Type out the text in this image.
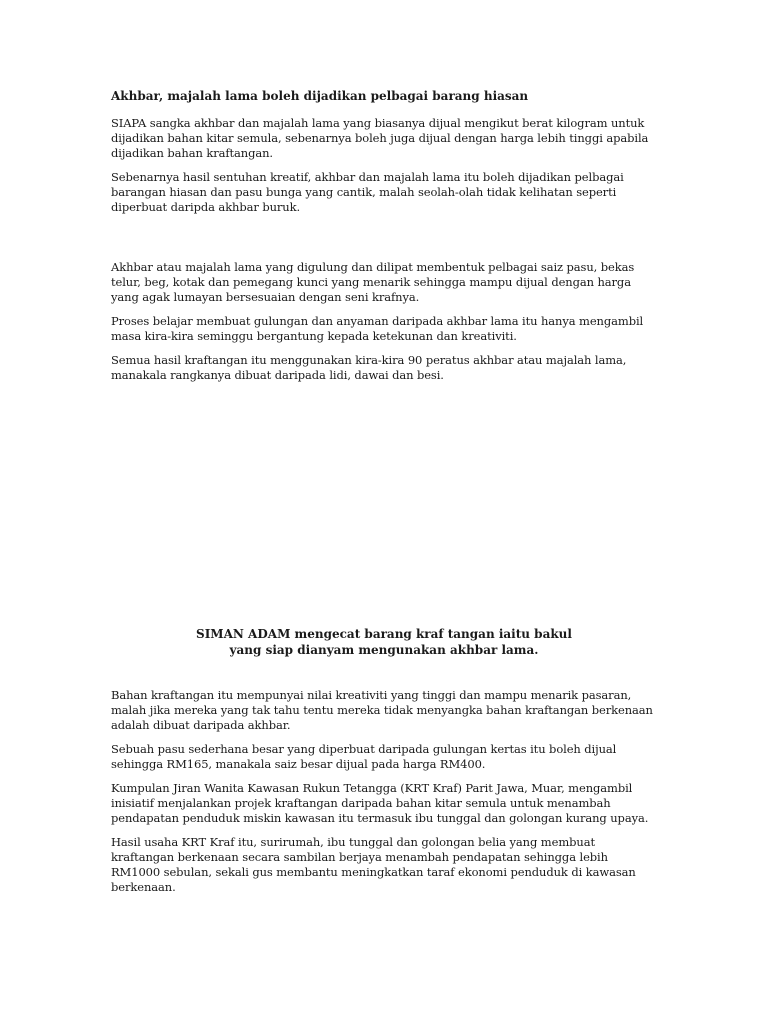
Akhbar, majalah lama boleh dijadikan pelbagai barang hiasan

SIAPA sangka akhbar dan majalah lama yang biasanya dijual mengikut berat kilogram untuk dijadikan bahan kitar semula, sebenarnya boleh juga dijual dengan harga lebih tinggi apabila dijadikan bahan kraftangan.

Sebenarnya hasil sentuhan kreatif, akhbar dan majalah lama itu boleh dijadikan pelbagai barangan hiasan dan pasu bunga yang cantik, malah seolah-olah tidak kelihatan seperti diperbuat daripda akhbar buruk.

Akhbar atau majalah lama yang digulung dan dilipat membentuk pelbagai saiz pasu, bekas telur, beg, kotak dan pemegang kunci yang menarik sehingga mampu dijual dengan harga yang agak lumayan bersesuaian dengan seni krafnya.

Proses belajar membuat gulungan dan anyaman daripada akhbar lama itu hanya mengambil masa kira-kira seminggu bergantung kepada ketekunan dan kreativiti.

Semua hasil kraftangan itu menggunakan kira-kira 90 peratus akhbar atau majalah lama, manakala rangkanya dibuat daripada lidi, dawai dan besi.

SIMAN ADAM mengecat barang kraf tangan iaitu bakul
yang siap dianyam mengunakan akhbar lama.

Bahan kraftangan itu mempunyai nilai kreativiti yang tinggi dan mampu menarik pasaran, malah jika mereka yang tak tahu tentu mereka tidak menyangka bahan kraftangan berkenaan adalah dibuat daripada akhbar.

Sebuah pasu sederhana besar yang diperbuat daripada gulungan kertas itu boleh dijual sehingga RM165, manakala saiz besar dijual pada harga RM400.

Kumpulan Jiran Wanita Kawasan Rukun Tetangga (KRT Kraf) Parit Jawa, Muar, mengambil inisiatif menjalankan projek kraftangan daripada bahan kitar semula untuk menambah pendapatan penduduk miskin kawasan itu termasuk ibu tunggal dan golongan kurang upaya.

Hasil usaha KRT Kraf itu, surirumah, ibu tunggal dan golongan belia yang membuat kraftangan berkenaan secara sambilan berjaya menambah pendapatan sehingga lebih RM1000 sebulan, sekali gus membantu meningkatkan taraf ekonomi penduduk di kawasan berkenaan.
